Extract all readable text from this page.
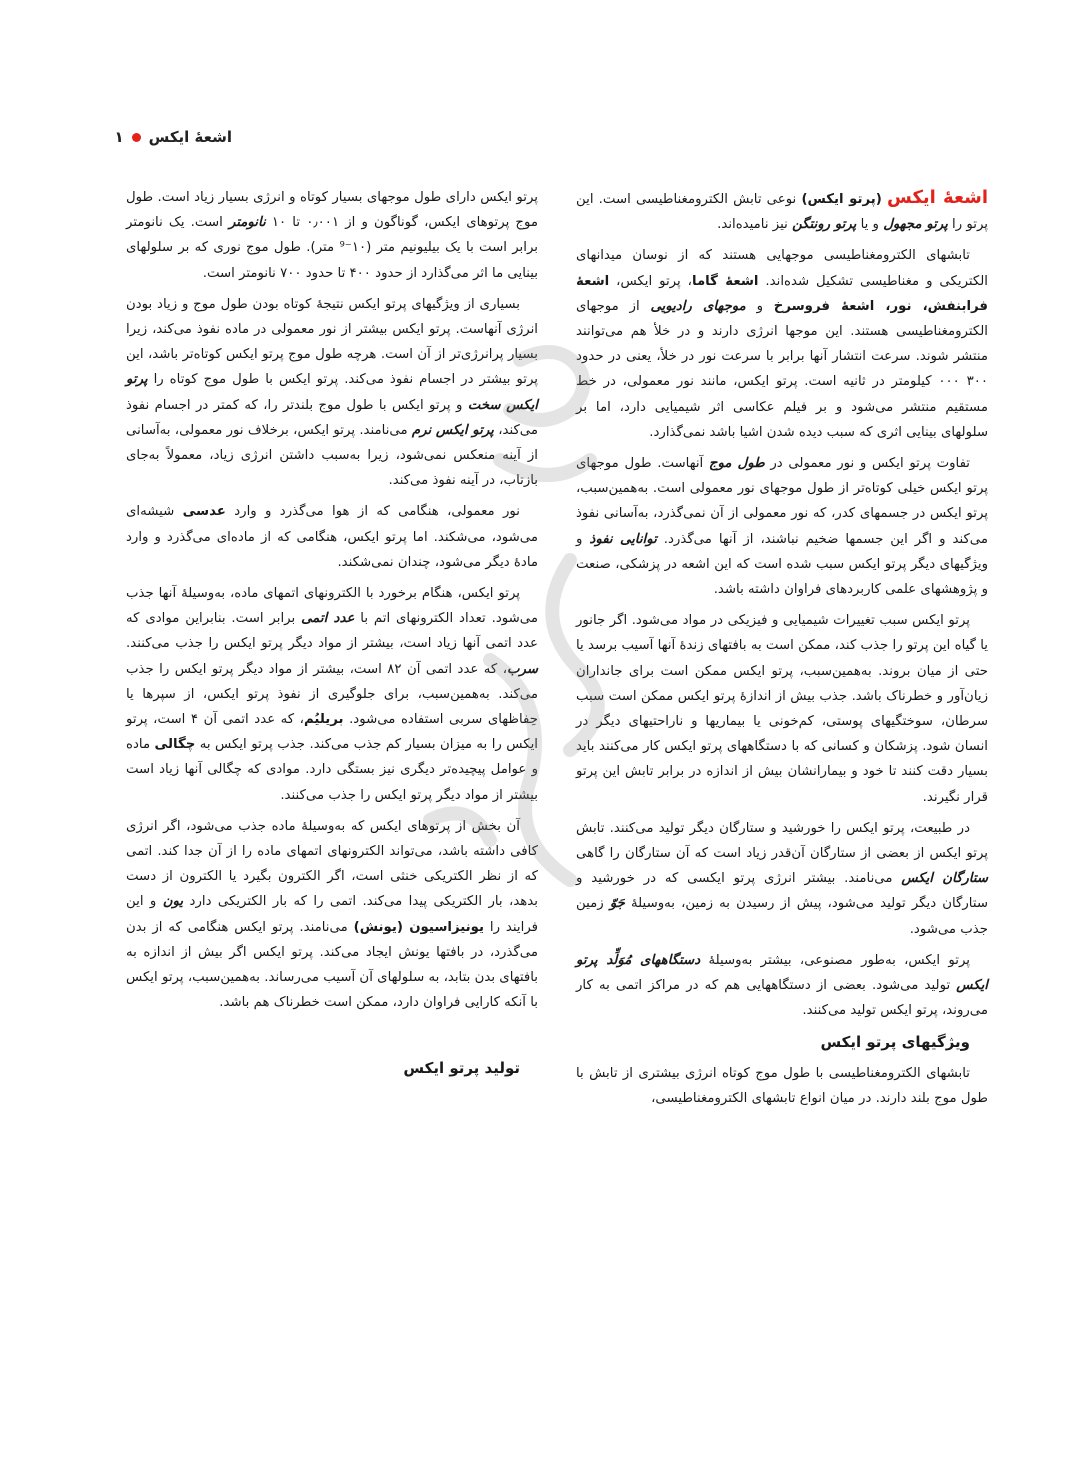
اشعهٔ ایکس
۱

اشعهٔ ایکس (پرتو ایکس) نوعی تابش الکترومغناطیسی است. این پرتو را پرتو مجهول و یا پرتو رونتگن نیز نامیده‌اند.

تابشهای الکترومغناطیسی موجهایی هستند که از نوسان میدانهای الکتریکی و مغناطیسی تشکیل شده‌اند. اشعهٔ گاما، پرتو ایکس، اشعهٔ فرابنفش، نور، اشعهٔ فروسرخ و موجهای رادیویی از موجهای الکترومغناطیسی هستند. این موجها انرژی دارند و در خلأ هم می‌توانند منتشر شوند. سرعت انتشار آنها برابر با سرعت نور در خلأ، یعنی در حدود ۳۰۰ ۰۰۰ کیلومتر در ثانیه است. پرتو ایکس، مانند نور معمولی، در خط مستقیم منتشر می‌شود و بر فیلم عکاسی اثر شیمیایی دارد، اما بر سلولهای بینایی اثری که سبب دیده شدن اشیا باشد نمی‌گذارد.

تفاوت پرتو ایکس و نور معمولی در طول موج آنهاست. طول موجهای پرتو ایکس خیلی کوتاه‌تر از طول موجهای نور معمولی است. به‌همین‌سبب، پرتو ایکس در جسمهای کدر، که نور معمولی از آن نمی‌گذرد، به‌آسانی نفوذ می‌کند و اگر این جسمها ضخیم نباشند، از آنها می‌گذرد. توانایی نفوذ و ویژگیهای دیگر پرتو ایکس سبب شده است که این اشعه در پزشکی، صنعت و پژوهشهای علمی کاربردهای فراوان داشته باشد.

پرتو ایکس سبب تغییرات شیمیایی و فیزیکی در مواد می‌شود. اگر جانور یا گیاه این پرتو را جذب کند، ممکن است به بافتهای زندهٔ آنها آسیب برسد یا حتی از میان بروند. به‌همین‌سبب، پرتو ایکس ممکن است برای جانداران زیان‌آور و خطرناک باشد. جذب بیش از اندازهٔ پرتو ایکس ممکن است سبب سرطان، سوختگیهای پوستی، کم‌خونی یا بیماریها و ناراحتیهای دیگر در انسان شود. پزشکان و کسانی که با دستگاههای پرتو ایکس کار می‌کنند باید بسیار دقت کنند تا خود و بیمارانشان بیش از اندازه در برابر تابش این پرتو قرار نگیرند.

در طبیعت، پرتو ایکس را خورشید و ستارگان دیگر تولید می‌کنند. تابش پرتو ایکس از بعضی از ستارگان آن‌قدر زیاد است که آن ستارگان را گاهی ستارگان ایکس می‌نامند. بیشتر انرژی پرتو ایکسی که در خورشید و ستارگان دیگر تولید می‌شود، پیش از رسیدن به زمین، به‌وسیلهٔ جَوّ زمین جذب می‌شود.

پرتو ایکس، به‌طور مصنوعی، بیشتر به‌وسیلهٔ دستگاههای مُوَلِّد پرتو ایکس تولید می‌شود. بعضی از دستگاههایی هم که در مراکز اتمی به کار می‌روند، پرتو ایکس تولید می‌کنند.

ویژگیهای پرتو ایکس

تابشهای الکترومغناطیسی با طول موج کوتاه انرژی بیشتری از تابش با طول موج بلند دارند. در میان انواع تابشهای الکترومغناطیسی،

پرتو ایکس دارای طول موجهای بسیار کوتاه و انرژی بسیار زیاد است. طول موج پرتوهای ایکس، گوناگون و از ۰٫۰۰۱ تا ۱۰ نانومتر است. یک نانومتر برابر است با یک بیلیونیم متر (۱۰⁻⁹ متر). طول موج نوری که بر سلولهای بینایی ما اثر می‌گذارد از حدود ۴۰۰ تا حدود ۷۰۰ نانومتر است.

بسیاری از ویژگیهای پرتو ایکس نتیجهٔ کوتاه بودن طول موج و زیاد بودن انرژی آنهاست. پرتو ایکس بیشتر از نور معمولی در ماده نفوذ می‌کند، زیرا بسیار پرانرژی‌تر از آن است. هرچه طول موج پرتو ایکس کوتاه‌تر باشد، این پرتو بیشتر در اجسام نفوذ می‌کند. پرتو ایکس با طول موج کوتاه را پرتو ایکس سخت و پرتو ایکس با طول موج بلندتر را، که کمتر در اجسام نفوذ می‌کند، پرتو ایکس نرم می‌نامند. پرتو ایکس، برخلاف نور معمولی، به‌آسانی از آینه منعکس نمی‌شود، زیرا به‌سبب داشتن انرژی زیاد، معمولاً به‌جای بازتاب، در آینه نفوذ می‌کند.

نور معمولی، هنگامی که از هوا می‌گذرد و وارد عدسی شیشه‌ای می‌شود، می‌شکند. اما پرتو ایکس، هنگامی که از ماده‌ای می‌گذرد و وارد مادهٔ دیگر می‌شود، چندان نمی‌شکند.

پرتو ایکس، هنگام برخورد با الکترونهای اتمهای ماده، به‌وسیلهٔ آنها جذب می‌شود. تعداد الکترونهای اتم با عدد اتمی برابر است. بنابراین موادی که عدد اتمی آنها زیاد است، بیشتر از مواد دیگر پرتو ایکس را جذب می‌کنند. سرب، که عدد اتمی آن ۸۲ است، بیشتر از مواد دیگر پرتو ایکس را جذب می‌کند. به‌همین‌سبب، برای جلوگیری از نفوذ پرتو ایکس، از سپرها یا حِفاظهای سربی استفاده می‌شود. بریلیُم، که عدد اتمی آن ۴ است، پرتو ایکس را به میزان بسیار کم جذب می‌کند. جذب پرتو ایکس به چگالی ماده و عوامل پیچیده‌تر دیگری نیز بستگی دارد. موادی که چگالی آنها زیاد است بیشتر از مواد دیگر پرتو ایکس را جذب می‌کنند.

آن بخش از پرتوهای ایکس که به‌وسیلهٔ ماده جذب می‌شود، اگر انرژی کافی داشته باشد، می‌تواند الکترونهای اتمهای ماده را از آن جدا کند. اتمی که از نظر الکتریکی خنثی است، اگر الکترون بگیرد یا الکترون از دست بدهد، بار الکتریکی پیدا می‌کند. اتمی را که بار الکتریکی دارد یون و این فرایند را یونیزاسیون (یونش) می‌نامند. پرتو ایکس هنگامی که از بدن می‌گذرد، در بافتها یونش ایجاد می‌کند. پرتو ایکس اگر بیش از اندازه به بافتهای بدن بتابد، به سلولهای آن آسیب می‌رساند. به‌همین‌سبب، پرتو ایکس با آنکه کارایی فراوان دارد، ممکن است خطرناک هم باشد.

تولید پرتو ایکس
